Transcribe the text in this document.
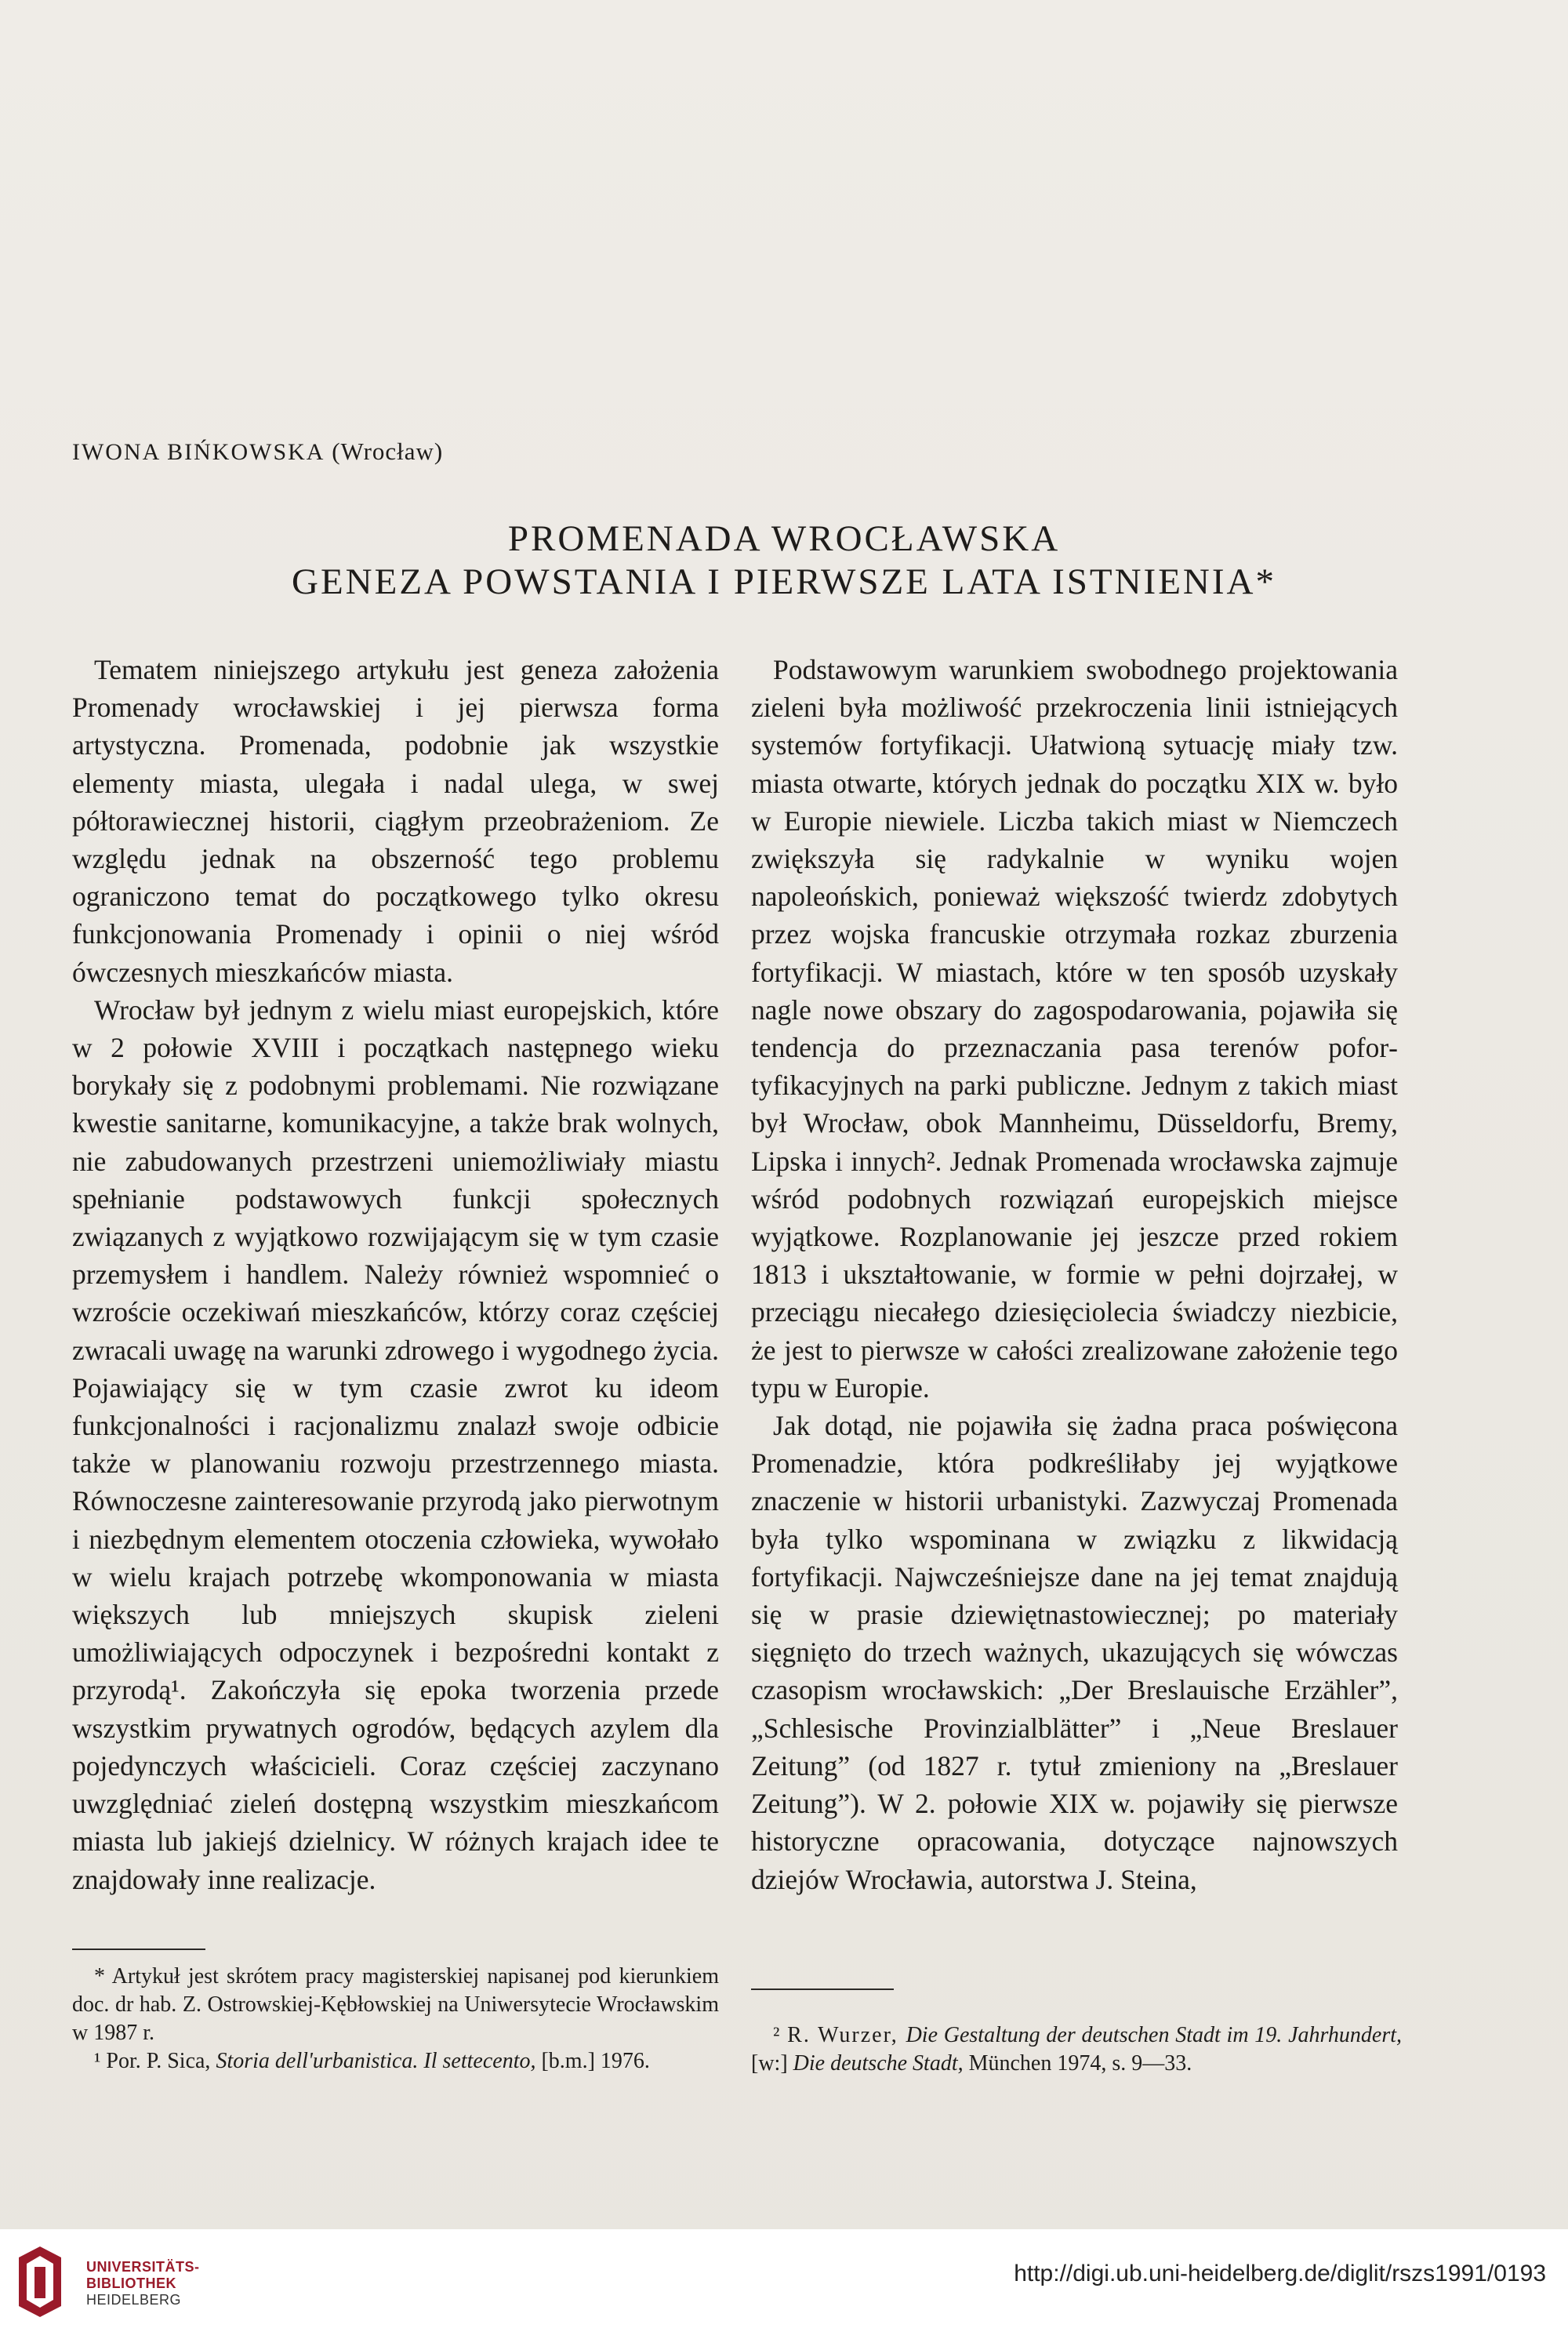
IWONA BIŃKOWSKA (Wrocław)
PROMENADA WROCŁAWSKA
GENEZA POWSTANIA I PIERWSZE LATA ISTNIENIA*

Tematem niniejszego artykułu jest geneza założenia Promenady wrocławskiej i jej pierwsza forma artystyczna. Promenada, podobnie jak wszystkie elementy miasta, ulegała i nadal ulega, w swej półtorawiecznej historii, ciągłym przeobrażeniom. Ze względu jednak na obszerność tego problemu ograniczono temat do początkowego tylko okresu funkcjonowania Promenady i opinii o niej wśród ówczesnych mieszkańców miasta.

Wrocław był jednym z wielu miast europejskich, które w 2 połowie XVIII i początkach następnego wieku borykały się z podobnymi problemami. Nie rozwiązane kwestie sanitarne, komunikacyjne, a także brak wolnych, nie zabudowanych przestrzeni uniemożliwiały miastu spełnianie podstawowych funkcji społecznych związanych z wyjątkowo rozwijającym się w tym czasie przemysłem i handlem. Należy również wspomnieć o wzroście oczekiwań mieszkańców, którzy coraz częściej zwracali uwagę na warunki zdrowego i wygodnego życia. Pojawiający się w tym czasie zwrot ku ideom funkcjonalności i racjonalizmu znalazł swoje odbicie także w planowaniu rozwoju przestrzennego miasta. Równoczesne zainteresowanie przyrodą jako pierwotnym i niezbędnym elementem otoczenia człowieka, wywołało w wielu krajach potrzebę wkomponowania w miasta większych lub mniejszych skupisk zieleni umożliwiających odpoczynek i bezpośredni kontakt z przyrodą¹. Zakończyła się epoka tworzenia przede wszystkim prywatnych ogrodów, będących azylem dla pojedynczych właścicieli. Coraz częściej zaczynano uwzględniać zieleń dostępną wszystkim mieszkańcom miasta lub jakiejś dzielnicy. W różnych krajach idee te znajdowały inne realizacje.

Podstawowym warunkiem swobodnego projektowania zieleni była możliwość przekroczenia linii istniejących systemów fortyfikacji. Ułatwioną sytuację miały tzw. miasta otwarte, których jednak do początku XIX w. było w Europie niewiele. Liczba takich miast w Niemczech zwiększyła się radykalnie w wyniku wojen napoleońskich, ponieważ większość twierdz zdobytych przez wojska francuskie otrzymała rozkaz zburzenia fortyfikacji. W miastach, które w ten sposób uzyskały nagle nowe obszary do zagospodarowania, pojawiła się tendencja do przeznaczania pasa terenów pofortyfikacyjnych na parki publiczne. Jednym z takich miast był Wrocław, obok Mannheimu, Düsseldorfu, Bremy, Lipska i innych². Jednak Promenada wrocławska zajmuje wśród podobnych rozwiązań europejskich miejsce wyjątkowe. Rozplanowanie jej jeszcze przed rokiem 1813 i ukształtowanie, w formie w pełni dojrzałej, w przeciągu niecałego dziesięciolecia świadczy niezbicie, że jest to pierwsze w całości zrealizowane założenie tego typu w Europie.

Jak dotąd, nie pojawiła się żadna praca poświęcona Promenadzie, która podkreśliłaby jej wyjątkowe znaczenie w historii urbanistyki. Zazwyczaj Promenada była tylko wspominana w związku z likwidacją fortyfikacji. Najwcześniejsze dane na jej temat znajdują się w prasie dziewiętnastowiecznej; po materiały sięgnięto do trzech ważnych, ukazujących się wówczas czasopism wrocławskich: „Der Breslauische Erzähler”, „Schlesische Provinzialblätter” i „Neue Breslauer Zeitung” (od 1827 r. tytuł zmieniony na „Breslauer Zeitung”). W 2. połowie XIX w. pojawiły się pierwsze historyczne opracowania, dotyczące najnowszych dziejów Wrocławia, autorstwa J. Steina,

* Artykuł jest skrótem pracy magisterskiej napisanej pod kierunkiem doc. dr hab. Z. Ostrowskiej-Kębłowskiej na Uniwersytecie Wrocławskim w 1987 r.

¹ Por. P. Sica, Storia dell'urbanistica. Il settecento, [b.m.] 1976.

² R. Wurzer, Die Gestaltung der deutschen Stadt im 19. Jahrhundert, [w:] Die deutsche Stadt, München 1974, s. 9—33.

UNIVERSITÄTS-
BIBLIOTHEK
HEIDELBERG
http://digi.ub.uni-heidelberg.de/diglit/rszs1991/0193
